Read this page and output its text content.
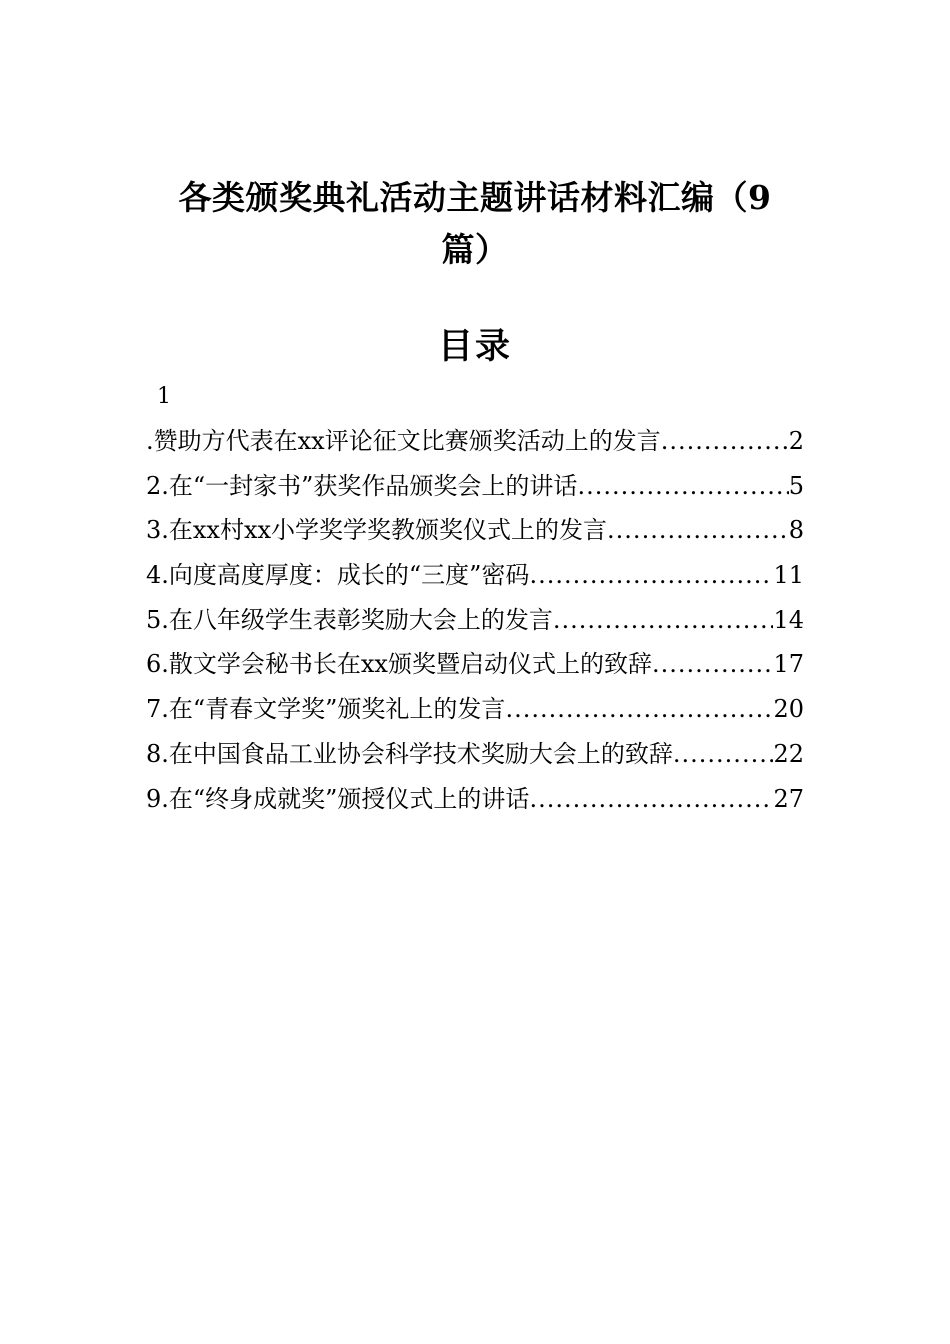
各类颁奖典礼活动主题讲话材料汇编（9
篇）
目录
1
.赞助方代表在xx评论征文比赛颁奖活动上的发言 .....	2
2.在“一封家书”获奖作品颁奖会上的讲话 .....	5
3.在xx村xx小学奖学奖教颁奖仪式上的发言 .....	8
4.向度高度厚度：成长的“三度”密码 .....	11
5.在八年级学生表彰奖励大会上的发言 .....	14
6.散文学会秘书长在xx颁奖暨启动仪式上的致辞 .....	17
7.在“青春文学奖”颁奖礼上的发言 .....	20
8.在中国食品工业协会科学技术奖励大会上的致辞 .....	22
9.在“终身成就奖”颁授仪式上的讲话 .....	27
